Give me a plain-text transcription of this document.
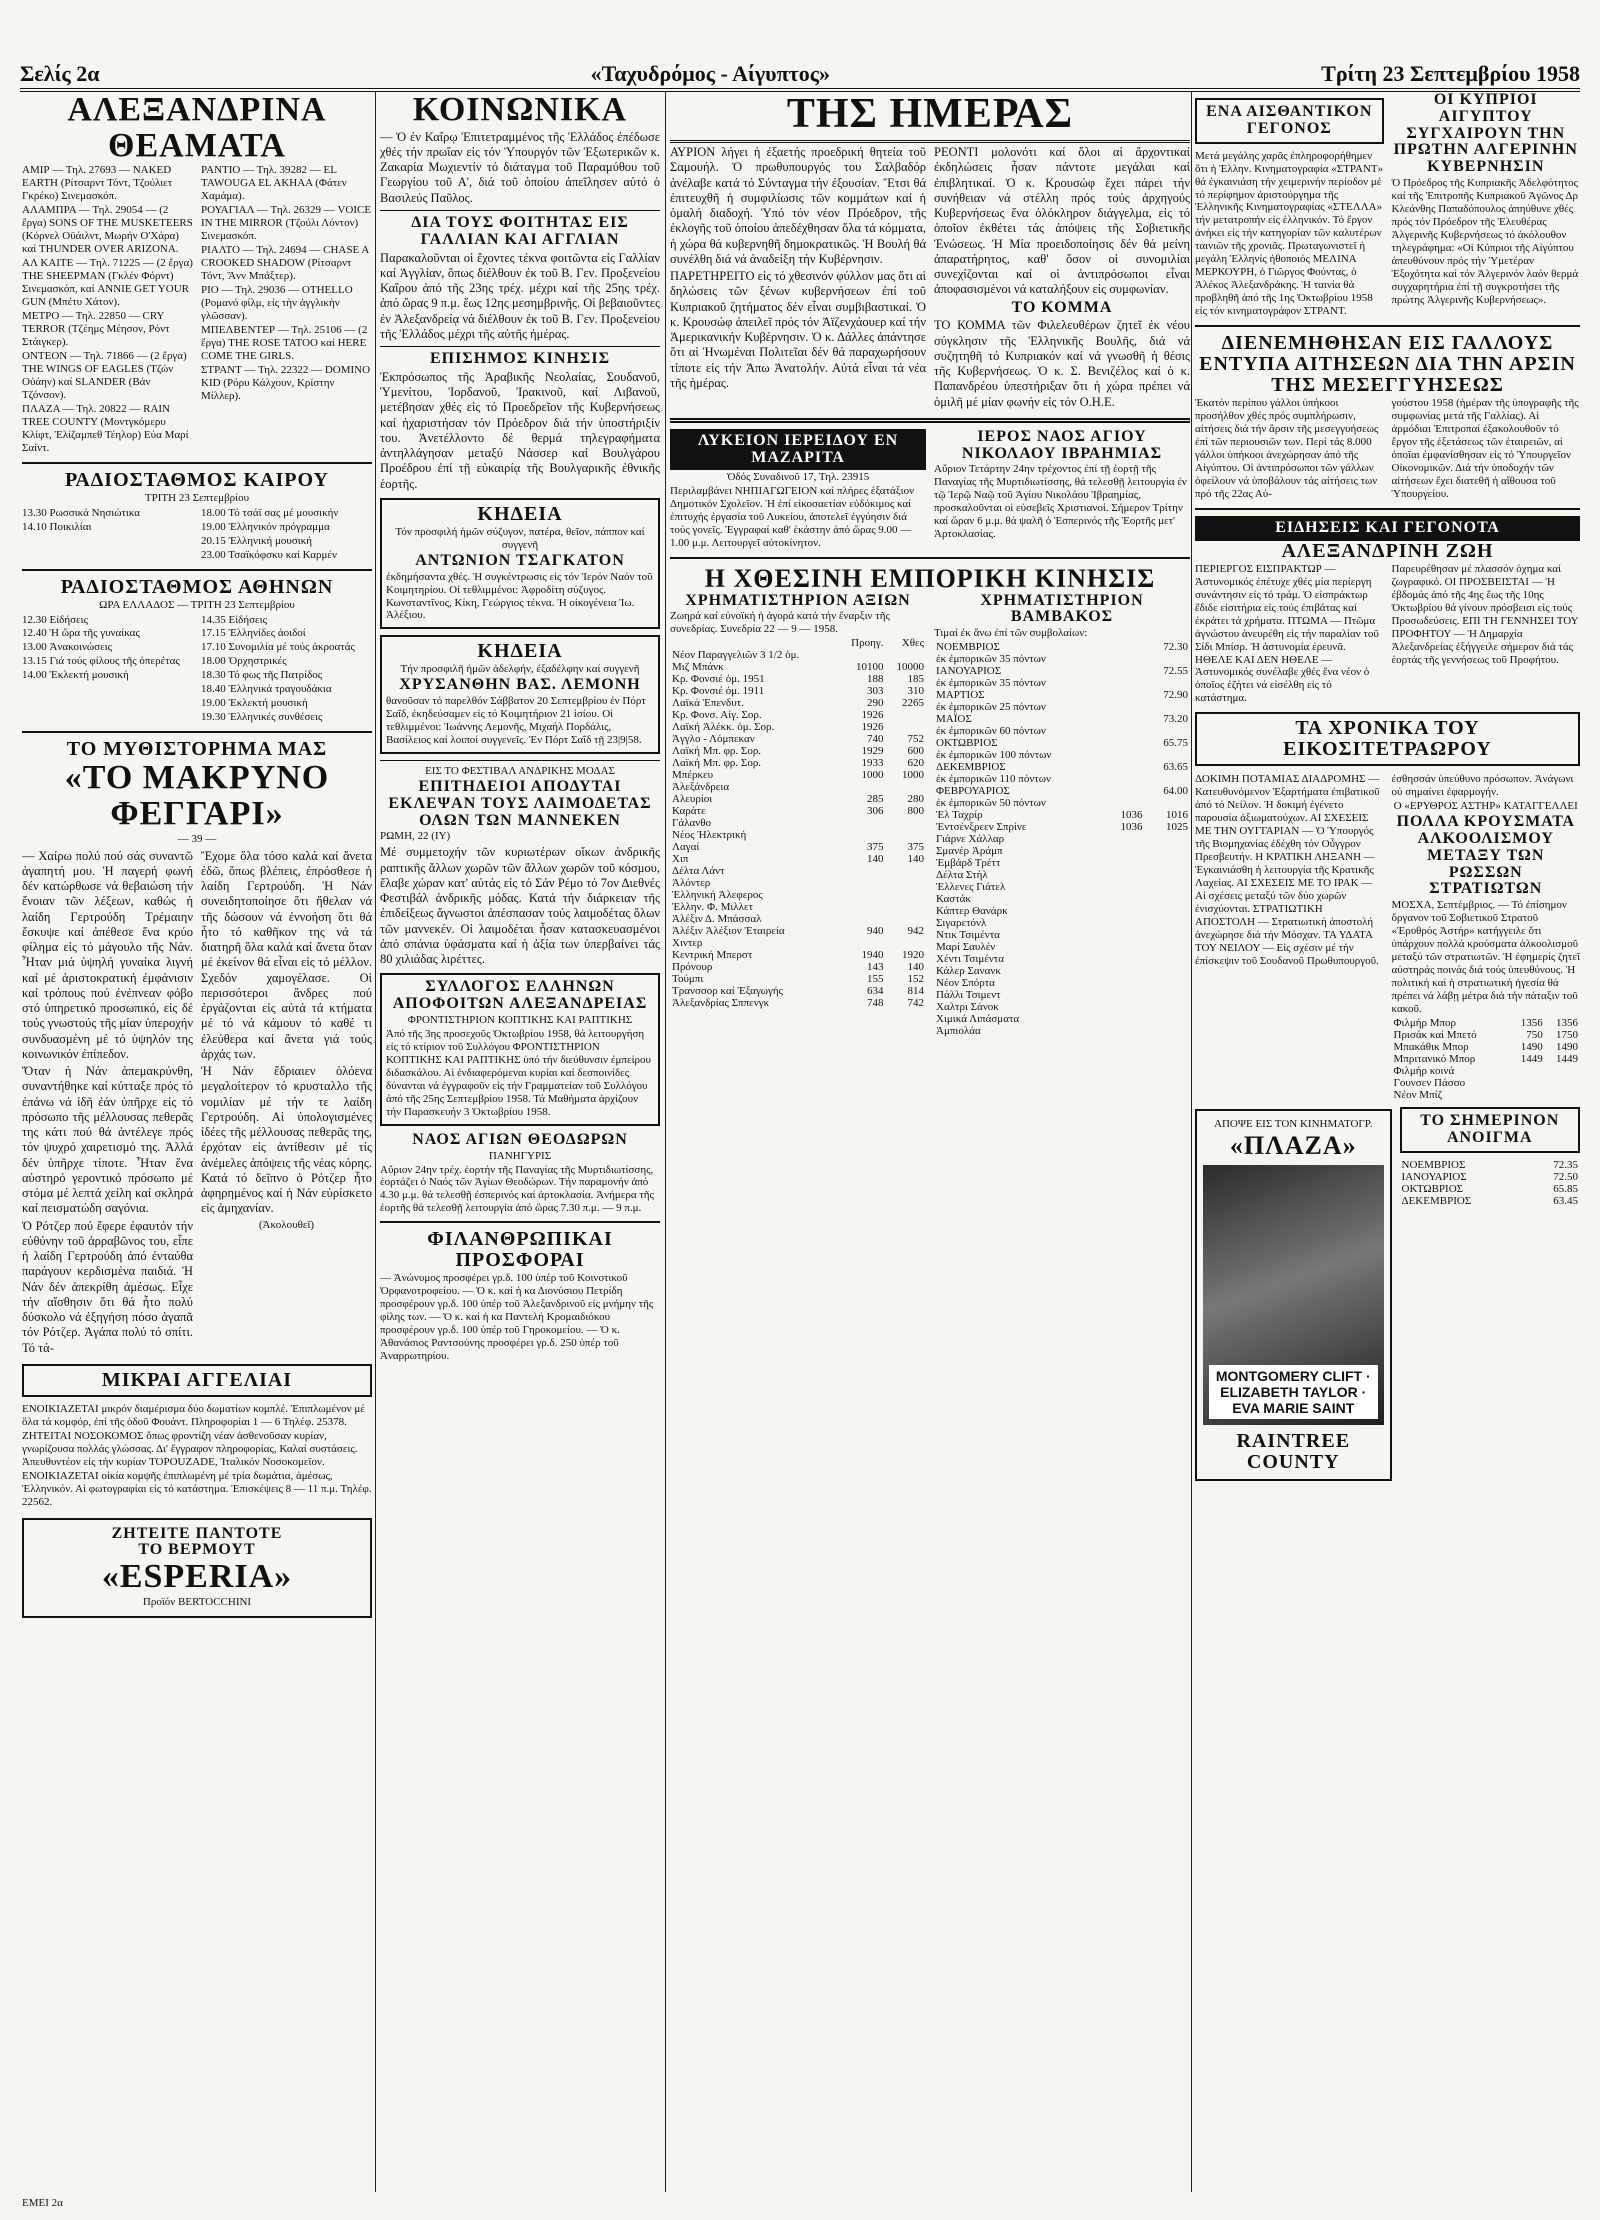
Σελίς 2α	«Ταχυδρόμος - Αίγυπτος»	Τρίτη 23 Σεπτεμβρίου 1958
ΑΛΕΞΑΝΔΡΙΝΑ ΘΕΑΜΑΤΑ

ΑΜΙΡ — Τηλ. 27693 — NAKED EARTH (Ρίτσαρντ Τόντ, Τζούλιετ Γκρέκο) Σινεμασκόπ.

ΑΛΑΜΠΡΑ — Τηλ. 29054 — (2 ἔργα) SONS OF THE MUSKETEERS (Κόρνελ Οϋάιλντ, Μωρήν Ο'Χάρα) καί THUNDER OVER ARIZONA.

ΑΛ ΚΑΙΤΕ — Τηλ. 71225 — (2 ἔργα) THE SHEEPMAN (Γκλέν Φόρντ) Σινεμασκόπ, καί ANNIE GET YOUR GUN (Μπέτυ Χάτον).

ΜΕΤΡΟ — Τηλ. 22850 — CRY TERROR (Τζέημς Μέησον, Ρόντ Στάιγκερ).

ΟΝΤΕΟΝ — Τηλ. 71866 — (2 ἔργα) THE WINGS OF EAGLES (Τζών Οὐάην) καί SLANDER (Βάν Τζόνσον).

ΠΛΑΖΑ — Τηλ. 20822 — RAIN TREE COUNTY (Μοντγκόμερυ Κλίφτ, Ἐλίζαμπεθ Τέηλορ) Εύα Μαρί Σαίντ.

ΡΑΝΤΙΟ — Τηλ. 39282 — EL TAWOUGA EL AKHAA (Φάτεν Χαμάμα).

ΡΟΥΑΓΙΑΛ — Τηλ. 26329 — VOICE IN THE MIRROR (Τζούλι Λόντον) Σινεμασκόπ.

ΡΙΑΛΤΟ — Τηλ. 24694 — CHASE A CROOKED SHADOW (Ρίτσαρντ Τόντ, Ἄνν Μπάξτερ).

ΡΙΟ — Τηλ. 29036 — OTHELLO (Ρομανό φίλμ, είς τὴν ἀγγλικὴν γλῶσσαν).

ΜΠΕΛΒΕΝΤΕΡ — Τηλ. 25106 — (2 ἔργα) THE ROSE TATOO καί HERE COME THE GIRLS.

ΣΤΡΑΝΤ — Τηλ. 22322 — DOMINO KID (Ρόρυ Κάλχουν, Κρίστην Μίλλερ).

ΡΑΔΙΟΣΤΑΘΜΟΣ ΚΑΙΡΟΥ
ΤΡΙΤΗ 23 Σεπτεμβρίου

13.30 Ρωσσικά Νησιώτικα

14.10 Ποικιλίαι

18.00 Τό τσάϊ σας μέ μουσικήν

19.00 Ἑλληνικόν πρόγραμμα

20.15 Ἑλληνική μουσική

23.00 Τσαϊκόφσκυ καί Καρμέν

ΡΑΔΙΟΣΤΑΘΜΟΣ ΑΘΗΝΩΝ
ΩΡΑ ΕΛΛΑΔΟΣ — ΤΡΙΤΗ 23 Σεπτεμβρίου

12.30 Εἰδήσεις

12.40 Ἡ ὥρα τῆς γυναίκας

13.00 Ἀνακοινώσεις

13.15 Γιά τούς φίλους τῆς ὀπερέτας

14.00 Ἐκλεκτή μουσική

14.35 Εἰδήσεις

17.15 Ἐλληνίδες ἀοιδοί

17.10 Συνομιλία μέ τούς ἀκροατάς

18.00 Ὀρχηστρικές

18.30 Τό φως τῆς Πατρίδος

18.40 Ἑλληνικά τραγουδάκια

19.00 Ἐκλεκτή μουσική

19.30 Ἑλληνικές συνθέσεις

ΤΟ ΜΥΘΙΣΤΟΡΗΜΑ ΜΑΣ
«ΤΟ ΜΑΚΡΥΝΟ ΦΕΓΓΑΡΙ»
— 39 —

— Χαίρω πολύ πού σάς συναντῶ ἀγαπητή μου. Ἡ παγερή φωνή δέν κατώρθωσε νά θεβαιώση τήν ἔνοιαν τῶν λέξεων, καθώς ἡ λαίδη Γερτρούδη Τρέμαιην ἔσκυψε καί ἀπέθεσε ἕνα κρύο φίλημα εἰς τό μάγουλο τῆς Νάν. Ἦταν μιά ὑψηλή γυναίκα λιγνή καί μέ ἀριστοκρατική ἐμφάνισιν καί τρόπους πού ἐνέπνεαν φόβο στό ὑπηρετικό προσωπικό, εἰς δέ τούς γνωστούς τῆς μίαν ὑπεροχήν συνδυασμένη μέ τό ὑψηλόν της κοινωνικόν ἐπίπεδον.

Ὅταν ἡ Νάν ἀπεμακρύνθη, συναντήθηκε καί κύτταξε πρός τό ἐπάνω νά ἰδῆ ἐάν ὑπῆρχε εἰς τό πρόσωπο τῆς μέλλουσας πεθερᾶς της κάτι πού θά ἀντέλεγε πρός τόν ψυχρό χαιρετισμό της. Ἀλλά δέν ὑπῆρχε τίποτε. Ἦταν ἕνα αὐστηρό γεροντικό πρόσωπο μέ στόμα μέ λεπτά χείλη καί σκληρά καί πεισματώδη σαγόνια.

Ὁ Ρότζερ πού ἔφερε ἐφαυτόν τήν εὐθύνην τοῦ ἀρραβῶνος του, εἶπε ἡ λαίδη Γερτρούδη ἀπό ἐνταύθα παράγουν κερδισμένα παιδιά. Ἡ Νάν δέν ἀπεκρίθη ἀμέσως. Εἶχε τήν αἴσθησιν ὅτι θά ἦτο πολύ δύσκολο νά ἐξηγήση πόσο ἀγαπᾶ τόν Ρότζερ. Ἀγάπα πολύ τό σπίτι. Τό τά-

Ἔχομε ὅλα τόσο καλά καί ἄνετα ἐδῶ, ὅπως βλέπεις, ἐπρόσθεσε ἡ λαίδη Γερτρούδη. Ἡ Νάν συνειδητοποίησε ὅτι ἤθελαν νά τῆς δώσουν νά ἐννοήση ὅτι θά ἦτο τό καθῆκον της νά τά διατηρῆ ὅλα καλά καί ἄνετα ὅταν μέ ἐκείνον θά εἶναι εἰς τό μέλλον. Σχεδόν χαμογέλασε. Οἱ περισσότεροι ἄνδρες πού ἐργάζονται εἰς αὐτά τά κτήματα μέ τό νά κάμουν τό καθέ τι ἐλεύθερα καί ἄνετα γιά τούς ἀρχάς των.

Ἡ Νάν ἔδριαιεν ὁλόενα μεγαλοίτερον τό κρυσταλλο τῆς νομιλίαν μέ τήν τε λαίδη Γερτρούδη. Αἱ ὑπολογισμένες ἰδέες τῆς μέλλουσας πεθερᾶς της, ἐρχόταν εἰς ἀντίθεσιν μέ τίς ἀνέμελες ἀπόψεις τῆς νέας κόρης. Κατά τό δεῖπνο ὁ Ρότζερ ἦτο ἀφηρημένος καί ἡ Νάν εὑρίσκετο εἰς ἀμηχανίαν.

(Ἀκολουθεῖ)

ΜΙΚΡΑΙ ΑΓΓΕΛΙΑΙ

ΕΝΟΙΚΙΑΖΕΤΑΙ μικρόν διαμέρισμα δύο δωματίων κομπλέ. Ἐπιπλωμένον μέ ὅλα τά κομφόρ, ἐπί τῆς ὁδοῦ Φουάντ. Πληροφορίαι 1 — 6 Τηλέφ. 25378.

ΖΗΤΕΙΤΑΙ ΝΟΣΟΚΟΜΟΣ ὅπως φροντίζη νέαν ἀσθενοῦσαν κυρίαν, γνωρίζουσα πολλάς γλώσσας. Δι' ἔγγραφον πληροφορίας, Καλαί συστάσεις. Ἀπευθυντέον εἰς τήν κυρίαν TOPOUZADE, Ἰταλικόν Νοσοκομεῖον.

ΕΝΟΙΚΙΑΖΕΤΑΙ οἰκία κομψῆς ἐπιπλωμένη μέ τρία δωμάτια, ἀμέσως, Ἑλληνικόν. Αἱ φωτογραφίαι εἰς τό κατάστημα. Ἐπισκέψεις 8 — 11 π.μ. Τηλέφ. 22562.

ΖΗΤΕΙΤΕ ΠΑΝΤΟΤΕ
ΤΟ ΒΕΡΜΟΥΤ
«ESPERIA»
Προϊόν BERTOCCHINI
ΚΟΙΝΩΝΙΚΑ

— Ὁ ἐν Καΐρῳ Ἐπιτετραμμένος τῆς Ἑλλάδος ἐπέδωσε χθές τήν πρωΐαν εἰς τόν Ὑπουργόν τῶν Ἐξωτερικῶν κ. Ζακαρία Μωχιεντίν τό διάταγμα τοῦ Παραμύθου τοῦ Γεωργίου τοῦ Α', διά τοῦ ὁποίου ἀπεῖλησεν αὐτό ὁ Βασιλεύς Παῦλος.

ΔΙΑ ΤΟΥΣ ΦΟΙΤΗΤΑΣ ΕΙΣ ΓΑΛΛΙΑΝ ΚΑΙ ΑΓΓΛΙΑΝ

Παρακαλοῦνται οἱ ἔχοντες τέκνα φοιτῶντα εἰς Γαλλίαν καί Ἀγγλίαν, ὅπως διέλθουν ἐκ τοῦ Β. Γεν. Προξενείου Καΐρου ἀπό τῆς 23ης τρέχ. μέχρι καί τῆς 25ης τρέχ. ἀπό ὥρας 9 π.μ. ἕως 12ης μεσημβρινῆς. Οἱ βεβαιοῦντες ἐν Ἀλεξανδρείᾳ νά διέλθουν ἐκ τοῦ Β. Γεν. Προξενείου τῆς Ἑλλάδος μέχρι τῆς αὐτῆς ἡμέρας.

ΕΠΙΣΗΜΟΣ ΚΙΝΗΣΙΣ

Ἐκπρόσωπος τῆς Ἀραβικῆς Νεολαίας, Σουδανοῦ, Ὑμενίτου, Ἰορδανοῦ, Ἰρακινοῦ, καί Λιβανοῦ, μετέβησαν χθές εἰς τό Προεδρεῖον τῆς Κυβερνήσεως καί ἠχαριστήσαν τόν Πρόεδρον διά τήν ὑποστήριξίν του. Ἀνετέλλοντο δέ θερμά τηλεγραφήματα ἀντηλλάγησαν μεταξύ Νάσσερ καί Βουλγάρου Προέδρου ἐπί τῇ εὐκαιρίᾳ τῆς Βουλγαρικῆς ἐθνικῆς ἑορτῆς.

ΚΗΔΕΙΑ

Τόν προσφιλή ἡμῶν σύζυγον, πατέρα, θεῖον, πάππον καί συγγενῆ

ΑΝΤΩΝΙΟΝ ΤΣΑΓΚΑΤΟΝ

ἐκδημήσαντα χθές. Ἡ συγκέντρωσις εἰς τόν Ἱερόν Ναόν τοῦ Κοιμητηρίου. Οἱ τεθλιμμένοι: Ἀφροδίτη σύζυγος. Κωνσταντῖνος, Κίκη, Γεώργιος τέκνα. Ἡ οἰκογένεια Ἰω. Ἀλέξιου.

ΚΗΔΕΙΑ

Τήν προσφιλῆ ἡμῶν ἀδελφήν, ἐξαδέλφην καί συγγενῆ

ΧΡΥΣΑΝΘΗΝ ΒΑΣ. ΛΕΜΟΝΗ

θανοῦσαν τό παρελθόν Σάββατον 20 Σεπτεμβρίου ἐν Πόρτ Σαΐδ, ἐκηδεύσαμεν εἰς τό Κοιμητήριον 21 ἰσίου. Οἱ τεθλιμμένοι: Ἰωάννης Λεμονῆς, Μιχαήλ Πορδάλις, Βασίλειος καί λοιποί συγγενεῖς. Ἐν Πόρτ Σαΐδ τῇ 23|9|58.

ΕΙΣ ΤΟ ΦΕΣΤΙΒΑΛ ΑΝΔΡΙΚΗΣ ΜΟΔΑΣ
ΕΠΙΤΗΔΕΙΟΙ ΑΠΟΔΥΤΑΙ ΕΚΛΕΨΑΝ ΤΟΥΣ ΛΑΙΜΟΔΕΤΑΣ ΟΛΩΝ ΤΩΝ ΜΑΝΝΕΚΕΝ

ΡΩΜΗ, 22 (ΙΥ)

Μέ συμμετοχήν τῶν κυριωτέρων οἴκων ἀνδρικῆς ραπτικῆς ἄλλων χωρῶν τῶν ἄλλων χωρῶν τοῦ κόσμου, ἔλαβε χώραν κατ' αὐτάς εἰς τό Σάν Ρέμο τό 7ον Διεθνές Φεστιβάλ ἀνδρικῆς μόδας. Κατά τήν διάρκειαν τῆς ἐπιδείξεως ἄγνωστοι ἀπέσπασαν τούς λαιμοδέτας ὅλων τῶν μαννεκέν. Οἱ λαιμοδέται ἦσαν κατασκευασμένοι ἀπό σπάνια ὑφάσματα καί ἡ ἀξία των ὑπερβαίνει τάς 80 χιλιάδας λιρέττες.

ΣΥΛΛΟΓΟΣ ΕΛΛΗΝΩΝ ΑΠΟΦΟΙΤΩΝ ΑΛΕΞΑΝΔΡΕΙΑΣ
ΦΡΟΝΤΙΣΤΗΡΙΟΝ ΚΟΠΤΙΚΗΣ ΚΑΙ ΡΑΠΤΙΚΗΣ

Ἀπό τῆς 3ης προσεχοῦς Ὀκτωβρίου 1958, θά λειτουργήση εἰς τό κτίριον τοῦ Συλλόγου ΦΡΟΝΤΙΣΤΗΡΙΟΝ ΚΟΠΤΙΚΗΣ ΚΑΙ ΡΑΠΤΙΚΗΣ ὑπό τήν διεύθυνσιν ἐμπείρου διδασκάλου. Αἱ ἐνδιαφερόμεναι κυρίαι καί δεσποινίδες δύνανται νά ἐγγραφοῦν εἰς τήν Γραμματείαν τοῦ Συλλόγου ἀπό τῆς 25ης Σεπτεμβρίου 1958. Τά Μαθήματα ἀρχίζουν τήν Παρασκευήν 3 Ὀκτωβρίου 1958.

ΝΑΟΣ ΑΓΙΩΝ ΘΕΟΔΩΡΩΝ
ΠΑΝΗΓΥΡΙΣ

Αὔριον 24ην τρέχ. ἑορτήν τῆς Παναγίας τῆς Μυρτιδιωτίσσης, ἐορτάζει ὁ Ναός τῶν Ἁγίων Θεοδώρων. Τήν παραμονήν ἀπό 4.30 μ.μ. θά τελεσθῇ ἐσπερινός καί ἀρτοκλασία. Ἀνήμερα τῆς ἑορτῆς θά τελεσθῇ λειτουργία ἀπό ὥρας 7.30 π.μ. — 9 π.μ.

ΦΙΛΑΝΘΡΩΠΙΚΑΙ ΠΡΟΣΦΟΡΑΙ

— Ἀνώνυμος προσφέρει γρ.δ. 100 ὑπέρ τοῦ Κοινοτικοῦ Ὀρφανοτροφείου. — Ὁ κ. καί ἡ κα Διονύσιου Πετρίδη προσφέρουν γρ.δ. 100 ὑπέρ τοῦ Ἀλεξανδρινοῦ εἰς μνήμην τῆς φίλης των. — Ὁ κ. καί ἡ κα Παντελή Κρομαιδιόκου προσφέρουν γρ.δ. 100 ὑπέρ τοῦ Γηροκομείου. — Ὁ κ. Ἀθανάσιος Ραντσούνης προσφέρει γρ.δ. 250 ὑπέρ τοῦ Ἀναρρωτηρίου.

ΤΗΣ ΗΜΕΡΑΣ

ΑΥΡΙΟΝ λήγει ἡ ἐξαετής προεδρική θητεία τοῦ Σαμουήλ. Ὁ πρωθυπουργός του Σαλβαδόρ ἀνέλαβε κατά τό Σύνταγμα τήν ἐξουσίαν. Ἔτσι θά ἐπιτευχθῆ ἡ συμφιλίωσις τῶν κομμάτων καί ἡ ὁμαλή διαδοχή. Ὑπό τόν νέον Πρόεδρον, τῆς ἐκλογῆς τοῦ ὁποίου ἀπεδέχθησαν ὅλα τά κόμματα, ἡ χώρα θά κυβερνηθῆ δημοκρατικῶς. Ἡ Βουλή θά συνέλθη διά νά ἀναδείξη τήν Κυβέρνησιν.

ΠΑΡΕΤΗΡΕΙΤΟ εἰς τό χθεσινόν φύλλον μας ὅτι αἱ δηλώσεις τῶν ξένων κυβερνήσεων ἐπί τοῦ Κυπριακοῦ ζητήματος δέν εἶναι συμβιβαστικαί. Ὁ κ. Κρουσώφ ἀπειλεῖ πρός τόν Ἀϊζενχάουερ καί τήν Ἀμερικανικήν Κυβέρνησιν. Ὁ κ. Δάλλες ἀπάντησε ὅτι αἱ Ἡνωμέναι Πολιτεῖαι δέν θά παραχωρήσουν τίποτε εἰς τήν Ἀπω Ἀνατολήν. Αὐτά εἶναι τά νέα τῆς ἡμέρας.

ΡΕΟΝΤΙ μολονότι καί ὅλοι αἱ ἄρχοντικαί ἐκδηλώσεις ἦσαν πάντοτε μεγάλαι καί ἐπιβλητικαί. Ὁ κ. Κρουσώφ ἔχει πάρει τήν συνήθειαν νά στέλλη πρός τούς ἀρχηγούς Κυβερνήσεως ἕνα ὁλόκληρον διάγγελμα, εἰς τό ὁποῖον ἐκθέτει τάς ἀπόψεις τῆς Σοβιετικῆς Ἑνώσεως. Ἡ Μία προειδοποίησις δέν θά μείνη ἀπαρατήρητος, καθ' ὅσον οἱ συνομιλίαι συνεχίζονται καί οἱ ἀντιπρόσωποι εἶναι ἀποφασισμένοι νά καταλήξουν εἰς συμφωνίαν.

ΤΟ ΚΟΜΜΑ

ΤΟ ΚΟΜΜΑ τῶν Φιλελευθέρων ζητεῖ ἐκ νέου σύγκλησιν τῆς Ἑλληνικῆς Βουλῆς, διά νά συζητηθῆ τό Κυπριακόν καί νά γνωσθῆ ἡ θέσις τῆς Κυβερνήσεως. Ὁ κ. Σ. Βενιζέλος καί ὁ κ. Παπανδρέου ὑπεστήριξαν ὅτι ἡ χώρα πρέπει νά ὁμιλῆ μέ μίαν φωνήν εἰς τόν Ο.Η.Ε.

ΛΥΚΕΙΟΝ ΙΕΡΕΙΔΟΥ ΕΝ ΜΑΖΑΡΙΤΑ
Ὁδός Συναδινοῦ 17, Τηλ. 23915

Περιλαμβάνει ΝΗΠΙΑΓΩΓΕΙΟΝ καί πλήρες ἑξατάξιον Δημοτικόν Σχολεῖον. Ἡ ἐπί εἰκοσαετίαν εὐδόκιμος καί ἐπιτυχής ἐργασία τοῦ Λυκείου, ἀποτελεῖ ἐγγύησιν διά τούς γονεῖς. Ἐγγραφαί καθ' ἑκάστην ἀπό ὥρας 9.00 — 1.00 μ.μ. Λειτουργεῖ αὐτοκίνητον.

ΙΕΡΟΣ ΝΑΟΣ ΑΓΙΟΥ ΝΙΚΟΛΑΟΥ ΙΒΡΑΗΜΙΑΣ

Αὔριον Τετάρτην 24ην τρέχοντος ἐπί τῇ ἑορτῇ τῆς Παναγίας τῆς Μυρτιδιωτίσσης, θά τελεσθῇ λειτουργία ἐν τῷ Ἱερῷ Ναῷ τοῦ Ἁγίου Νικολάου Ἰβραημίας, προσκαλοῦνται οἱ εὐσεβεῖς Χριστιανοί. Σήμερον Τρίτην καί ὥραν 6 μ.μ. θά ψαλῆ ὁ Ἐσπερινός τῆς Ἑορτῆς μετ' Ἀρτοκλασίας.

Η ΧΘΕΣΙΝΗ ΕΜΠΟΡΙΚΗ ΚΙΝΗΣΙΣ
ΧΡΗΜΑΤΙΣΤΗΡΙΟΝ ΑΞΙΩΝ

Ζωηρά καί εὐνοϊκή ἡ ἀγορά κατά τήν ἔναρξιν τῆς συνεδρίας. Συνεδρία 22 — 9 — 1958.

	Προηγ.	Χθες
Νέον Παραγγελιῶν 3 1/2 ὁμ.		
Μιζ Μπάνκ	10100	10000
Κρ. Φονσιέ ὁμ. 1951	188	185
Κρ. Φονσιέ ὁμ. 1911	303	310
Λαϊκά Ἐπενδυτ.	290	2265
Κρ. Φονσ. Αἰγ. Σορ.	1926	
Λαϊκή Ἀλέκκ. ὁμ. Σορ.	1926	
Ἀγγλο - Λόμπεκαν	740	752
Λαϊκή Μπ. φρ. Σορ.	1929	600
Λαϊκή Μπ. φρ. Σορ.	1933	620
Μπέρκευ	1000	1000
Ἀλεξάνδρεια		
Αλευρίοι	285	280
Καράτε	306	800
Γάλανθο		
Νέος Ἠλεκτρική		
Λαγαί	375	375
Χιπ	140	140
Δέλτα Λάντ		
Ἀλόντερ		
Ἐλληνική Ἀλεφερος		
Ἑλλην. Φ. Μιλλετ		
Ἀλέξιν Δ. Μπάσσαλ		
Ἀλέξιν Ἀλέξιον Ἐταιρεία	940	942
Χιντερ		
Κεντρική Μπερστ	1940	1920
Πρόνουρ	143	140
Τούμπι	155	152
Τρανσσορ καί Ἐξαγωγής	634	814
Ἀλεξανδρίας Σππενγκ	748	742
ΧΡΗΜΑΤΙΣΤΗΡΙΟΝ ΒΑΜΒΑΚΟΣ

Τιμαί ἐκ ἄνω ἐπί τῶν συμβολαίων:

ΝΟΕΜΒΡΙΟΣ	72.30
ἐκ ἐμπορικῶν 35 πόντων	
ΙΑΝΟΥΑΡΙΟΣ	72.55
ἐκ ἐμπορικῶν 35 πόντων	
ΜΑΡΤΙΟΣ	72.90
ἐκ ἐμπορικῶν 25 πόντων	
ΜΑΪΟΣ	73.20
ἐκ ἐμπορικῶν 60 πόντων	
ΟΚΤΩΒΡΙΟΣ	65.75
ἐκ ἐμπορικῶν 100 πόντων	
ΔΕΚΕΜΒΡΙΟΣ	63.65
ἐκ ἐμπορικῶν 110 πόντων	
ΦΕΒΡΟΥΑΡΙΟΣ	64.00
ἐκ ἐμπορικῶν 50 πόντων	
Ἐλ Ταχρίρ	1036	1016
Ἐντσένξρεεν Σπρίνε	1036	1025
Γιάρνε Χάλλαρ		
Σμανέρ Ἀράμπ		
Ἐμβάρδ Τρέττ		
Δέλτα Στήλ		
Ἐλλενες Γιάτελ		
Καστάκ		
Κάπτερ Θανάρκ		
Σιγαρετόνλ		
Ντικ Τσιμέντα		
Μαρί Σαυλέν		
Χέντι Τσιμέντα		
Κάλερ Σανανκ		
Νέον Σπόρτα		
Πάλλι Τσιμεντ		
Χαλτρι Σάνοκ		
Χιμικά Λιπάσματα		
Ἀμπιολάα		
ΕΝΑ ΑΙΣΘΑΝΤΙΚΟΝ ΓΕΓΟΝΟΣ

Μετά μεγάλης χαρᾶς ἐπληροφορήθημεν ὅτι ἡ Ἑλλην. Κινηματογραφία «ΣΤΡΑΝΤ» θά ἐγκαινιάση τήν χειμερινήν περίοδον μέ τό περίφημον ἀριστούργημα τῆς Ἑλληνικῆς Κινηματογραφίας «ΣΤΕΛΛΑ» τήν μετατροπήν εἰς ἑλληνικόν. Τό ἔργον ἀνήκει εἰς τήν κατηγορίαν τῶν καλυτέρων ταινιῶν τῆς χρονιᾶς. Πρωταγωνιστεῖ ἡ μεγάλη Ἑλληνίς ἠθοποιός ΜΕΛΙΝΑ ΜΕΡΚΟΥΡΗ, ὁ Γιῶργος Φούντας, ὁ Ἀλέκος Ἀλεξανδράκης. Ἡ ταινία θά προβληθῆ ἀπό τῆς 1ης Ὀκτωβρίου 1958 εἰς τόν κινηματογράφον ΣΤΡΑΝΤ.

ΟΙ ΚΥΠΡΙΟΙ ΑΙΓΥΠΤΟΥ ΣΥΓΧΑΙΡΟΥΝ ΤΗΝ ΠΡΩΤΗΝ ΑΛΓΕΡΙΝΗΝ ΚΥΒΕΡΝΗΣΙΝ

Ὁ Πρόεδρος τῆς Κυπριακῆς Ἀδελφότητος καί τῆς Ἐπιτροπῆς Κυπριακοῦ Ἀγῶνος Δρ Κλεάνθης Παπαδόπουλος ἀπηύθυνε χθές πρός τόν Πρόεδρον τῆς Ἐλευθέρας Ἀλγερινῆς Κυβερνήσεως τό ἀκόλουθον τηλεγράφημα: «Οἱ Κύπριοι τῆς Αἰγύπτου ἀπευθύνουν πρός τήν Ὑμετέραν Ἐξοχότητα καί τόν Ἀλγερινόν λαόν θερμά συγχαρητήρια ἐπί τῇ συγκροτήσει τῆς πρώτης Ἀλγερινῆς Κυβερνήσεως».

ΔΙΕΝΕΜΗΘΗΣΑΝ ΕΙΣ ΓΑΛΛΟΥΣ ΕΝΤΥΠΑ ΑΙΤΗΣΕΩΝ ΔΙΑ ΤΗΝ ΑΡΣΙΝ ΤΗΣ ΜΕΣΕΓΓΥΗΣΕΩΣ

Ἑκατόν περίπου γάλλοι ὑπήκοοι προσήλθον χθές πρός συμπλήρωσιν, αἰτήσεις διά τήν ἄρσιν τῆς μεσεγγυήσεως ἐπί τῶν περιουσιῶν των. Περί τάς 8.000 γάλλοι ὑπήκοοι ἀνεχώρησαν ἀπό τῆς Αἰγύπτου. Οἱ ἀντιπρόσωποι τῶν γάλλων ὀφείλουν νά ὑποβάλουν τάς αἰτήσεις των πρό τῆς 22ας Αὐ-

γούστου 1958 (ἡμέραν τῆς ὑπογραφῆς τῆς συμφωνίας μετά τῆς Γαλλίας). Αἱ ἁρμόδιαι Ἐπιτροπαί ἐξακολουθοῦν τό ἔργον τῆς ἐξετάσεως τῶν ἐταιρειῶν, αἱ ὁποῖαι ἐμφανίσθησαν εἰς τό Ὑπουργεῖον Οἰκονομικῶν. Διά τήν ὑποδοχήν τῶν αἰτήσεων ἔχει διατεθῆ ἡ αἴθουσα τοῦ Ὑπουργείου.

ΕΙΔΗΣΕΙΣ ΚΑΙ ΓΕΓΟΝΟΤΑ
ΑΛΕΞΑΝΔΡΙΝΗ ΖΩΗ

ΠΕΡΙΕΡΓΟΣ ΕΙΣΠΡΑΚΤΩΡ — Ἀστυνομικός ἐπέτυχε χθές μία περίεργη συνάντησιν εἰς τό τράμ. Ὁ εἰσπράκτωρ ἔδιδε εἰσιτήρια εἰς τούς ἐπιβάτας καί ἐκράτει τά χρήματα. ΠΤΩΜΑ — Πτῶμα ἀγνώστου ἀνευρέθη εἰς τήν παραλίαν τοῦ Σίδι Μπίσρ. Ἡ ἀστυνομία ἐρευνᾶ. ΗΘΕΛΕ ΚΑΙ ΔΕΝ ΗΘΕΛΕ — Ἀστυνομικός συνέλαβε χθές ἕνα νέον ὁ ὁποῖος ἐζήτει νά εἰσέλθη εἰς τό κατάστημα.

Παρευρέθησαν μέ πλασσόν ὁχημα καί ζωγραφικό. ΟΙ ΠΡΟΣΒΕΙΣΤΑΙ — Ἡ ἐβδομάς ἀπό τῆς 4ης ἕως τῆς 10ης Ὀκτωβρίου θά γίνουν πρόσβεισι εἰς τούς Προσωδεύσεις. ΕΠΙ ΤΗ ΓΕΝΝΗΣΕΙ ΤΟΥ ΠΡΟΦΗΤΟΥ — Ἡ Δημαρχία Ἀλεξανδρείας ἐξήγγειλε σήμερον διά τάς ἑορτάς τῆς γεννήσεως τοῦ Προφήτου.

ΤΑ ΧΡΟΝΙΚΑ ΤΟΥ ΕΙΚΟΣΙΤΕΤΡΑΩΡΟΥ

ΔΟΚΙΜΗ ΠΟΤΑΜΙΑΣ ΔΙΑΔΡΟΜΗΣ — Κατευθυνόμενον Ἐξαρτήματα ἐπιβατικοῦ ἀπό τό Νείλον. Ἡ δοκιμή ἐγένετο παρουσία ἀξιωματούχων. ΑΙ ΣΧΕΣΕΙΣ ΜΕ ΤΗΝ ΟΥΓΓΑΡΙΑΝ — Ὁ Ὑπουργός τῆς Βιομηχανίας ἐδέχθη τόν Οὖγγρον Πρεσβευτήν. Η ΚΡΑΤΙΚΗ ΛΗΞΑΝΗ — Ἐγκαινιάσθη ἡ λειτουργία τῆς Κρατικῆς Λαχείας. ΑΙ ΣΧΕΣΕΙΣ ΜΕ ΤΟ ΙΡΑΚ — Αἱ σχέσεις μεταξύ τῶν δύο χωρῶν ἐνισχύονται. ΣΤΡΑΤΙΩΤΙΚΗ ΑΠΟΣΤΟΛΗ — Στρατιωτική ἀποστολή ἀνεχώρησε διά τήν Μόσχαν. ΤΑ ΥΔΑΤΑ ΤΟΥ ΝΕΙΛΟΥ — Εἰς σχέσιν μέ τήν ἐπίσκεψιν τοῦ Σουδανοῦ Πρωθυπουργοῦ.

ἐσθησσάν ὑπεύθυνο πρόσωπον. Ἀνάγωνι οὐ σημαίνει ἐφαρμογήν.

Ο «ΕΡΥΘΡΟΣ ΑΣΤΗΡ» ΚΑΤΑΓΓΕΛΛΕΙ
ΠΟΛΛΑ ΚΡΟΥΣΜΑΤΑ ΑΛΚΟΟΛΙΣΜΟΥ ΜΕΤΑΞΥ ΤΩΝ ΡΩΣΣΩΝ ΣΤΡΑΤΙΩΤΩΝ

ΜΟΣΧΑ, Σεπτέμβριος. — Τό ἐπίσημον ὄργανον τοῦ Σοβιετικοῦ Στρατοῦ «Ἐρυθρός Ἀστήρ» κατήγγειλε ὅτι ὑπάρχουν πολλά κρούσματα ἀλκοολισμοῦ μεταξύ τῶν στρατιωτῶν. Ἡ ἐφημερίς ζητεῖ αὐστηράς ποινάς διά τούς ὑπευθύνους. Ἡ πολιτική καί ἡ στρατιωτική ἡγεσία θά πρέπει νά λάβῃ μέτρα διά τήν πάταξιν τοῦ κακοῦ.

Φιλμήρ Μπορ	1356	1356
Πρισάκ καί Μπετό	750	1750
Μπακάθικ Μπορ	1490	1490
Μπριτανικό Μπορ	1449	1449
Φιλμήρ κοινά		
Γουνσεν Πάσσο		
Νέον Μπίζ		
ΑΠΟΨΕ ΕΙΣ ΤΟΝ ΚΙΝΗΜΑΤΟΓΡ.
«ΠΛΑΖΑ»
MONTGOMERY CLIFT · ELIZABETH TAYLOR · EVA MARIE SAINT
RAINTREE COUNTY
ΤΟ ΣΗΜΕΡΙΝΟΝ ΑΝΟΙΓΜΑ
ΝΟΕΜΒΡΙΟΣ	72.35
ΙΑΝΟΥΑΡΙΟΣ	72.50
ΟΚΤΩΒΡΙΟΣ	65.85
ΔΕΚΕΜΒΡΙΟΣ	63.45
ΕΜΕΙ 2α
